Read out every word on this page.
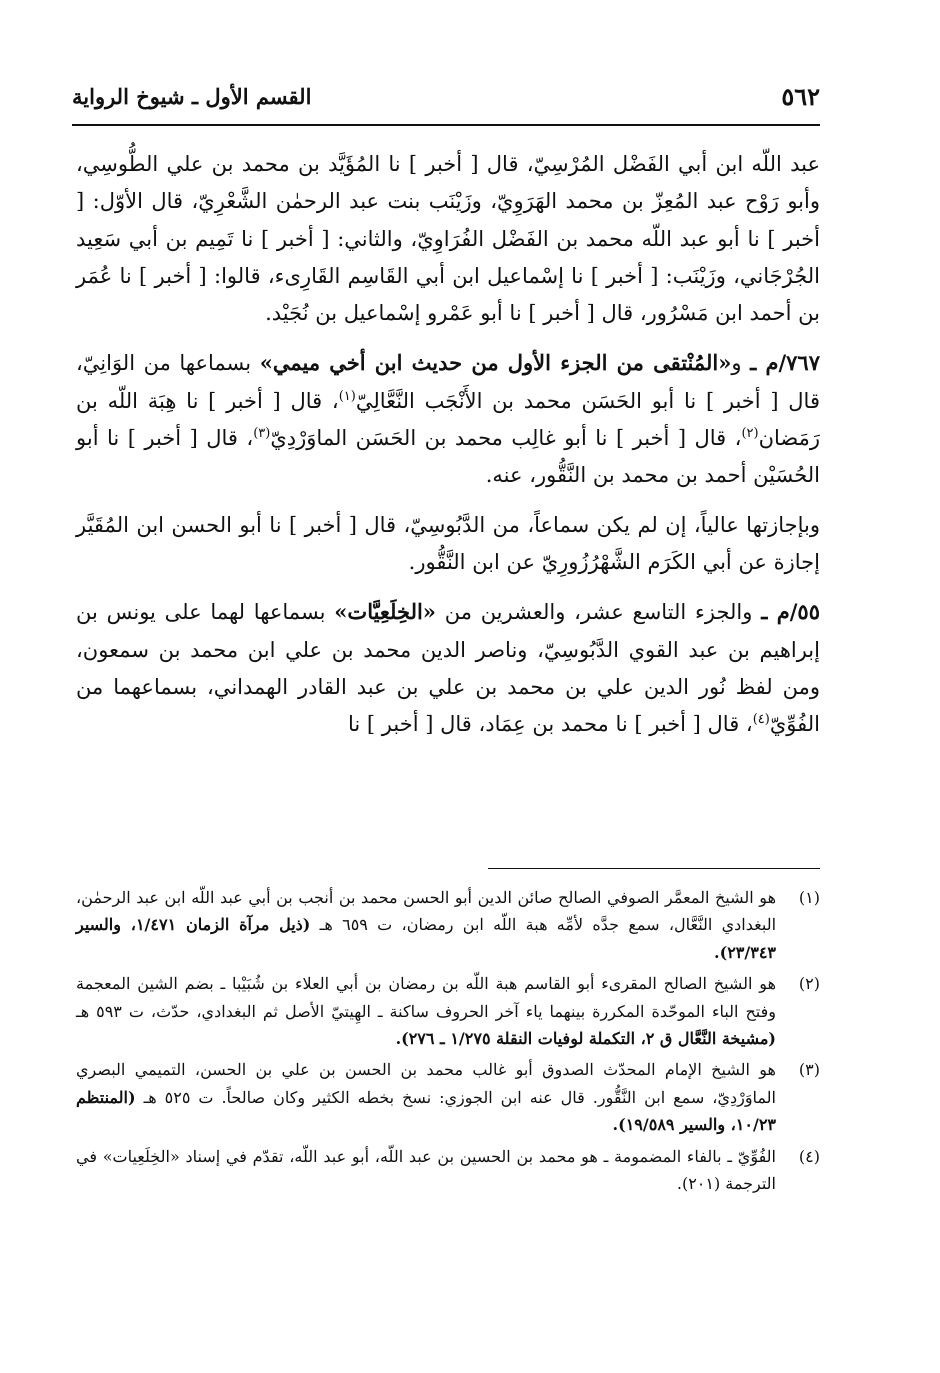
٥٦٢
القسم الأول ـ شيوخ الرواية

عبد اللّه ابن أبي الفَضْل المُرْسِيّ، قال [ أخبر ] نا المُؤَيَّد بن محمد بن علي الطُّوسِي، وأبو رَوْح عبد المُعِزّ بن محمد الهَرَوِيّ، وزَيْنَب بنت عبد الرحمٰن الشَّعْرِيّ، قال الأوّل: [ أخبر ] نا أبو عبد اللّه محمد بن الفَضْل الفُرَاوِيّ، والثاني: [ أخبر ] نا تَمِيم بن أبي سَعِيد الجُرْجَاني، وزَيْنَب: [ أخبر ] نا إسْماعيل ابن أبي القَاسِم القَارِىء، قالوا: [ أخبر ] نا عُمَر بن أحمد ابن مَسْرُور، قال [ أخبر ] نا أبو عَمْرو إسْماعيل بن نُجَيْد.

٧٦٧/م ـ و«المُنْتقى من الجزء الأول من حديث ابن أخي ميمي» بسماعها من الوَانِيّ، قال [ أخبر ] نا أبو الحَسَن محمد بن الأَنْجَب النَّعَّالِيّ$^{(١)}$، قال [ أخبر ] نا هِبَة اللّه بن رَمَضان$^{(٢)}$، قال [ أخبر ] نا أبو غالِب محمد بن الحَسَن الماوَرْدِيّ$^{(٣)}$، قال [ أخبر ] نا أبو الحُسَيْن أحمد بن محمد بن النَّقُّور، عنه.

وبإجازتها عالياً، إن لم يكن سماعاً، من الدَّبُوسِيّ، قال [ أخبر ] نا أبو الحسن ابن المُقَيَّر إجازة عن أبي الكَرَم الشَّهْرُزُورِيّ عن ابن النَّقُّور.

٥٥/م ـ والجزء التاسع عشر، والعشرين من «الخِلَعِيَّات» بسماعها لهما على يونس بن إبراهيم بن عبد القوي الدَّبُوسِيّ، وناصر الدين محمد بن علي ابن محمد بن سمعون، ومن لفظ نُور الدين علي بن محمد بن علي بن عبد القادر الهمداني، بسماعهما من الفُوِّيّ$^{(٤)}$، قال [ أخبر ] نا محمد بن عِمَاد، قال [ أخبر ] نا

(١)
هو الشيخ المعمَّر الصوفي الصالح صائن الدين أبو الحسن محمد بن أنجب بن أبي عبد اللّه ابن عبد الرحمٰن، البغدادي النَّعَّال، سمع جدَّه لأمِّه هبة اللّه ابن رمضان، ت ٦٥٩ هـ (ذيل مرآة الزمان ١/٤٧١، والسير ٢٣/٣٤٣).
(٢)
هو الشيخ الصالح المقرىء أبو القاسم هبة اللّه بن رمضان بن أبي العلاء بن شُبَيْبا ـ بضم الشين المعجمة وفتح الباء الموحّدة المكررة بينهما ياء آخر الحروف ساكنة ـ الهِيتيّ الأصل ثم البغدادي، حدّث، ت ٥٩٣ هـ (مشيخة النَّعَّال ق ٢، التكملة لوفيات النقلة ١/٢٧٥ ـ ٢٧٦).
(٣)
هو الشيخ الإمام المحدّث الصدوق أبو غالب محمد بن الحسن بن علي بن الحسن، التميمي البصري الماوَرْدِيّ، سمع ابن النَّقُّور. قال عنه ابن الجوزي: نسخ بخطه الكثير وكان صالحاً. ت ٥٢٥ هـ (المنتظم ١٠/٢٣، والسير ١٩/٥٨٩).
(٤)
الفُوِّيّ ـ بالفاء المضمومة ـ هو محمد بن الحسين بن عبد اللّه، أبو عبد اللّه، تقدّم في إسناد «الخِلَعِيات» في الترجمة (٢٠١).
